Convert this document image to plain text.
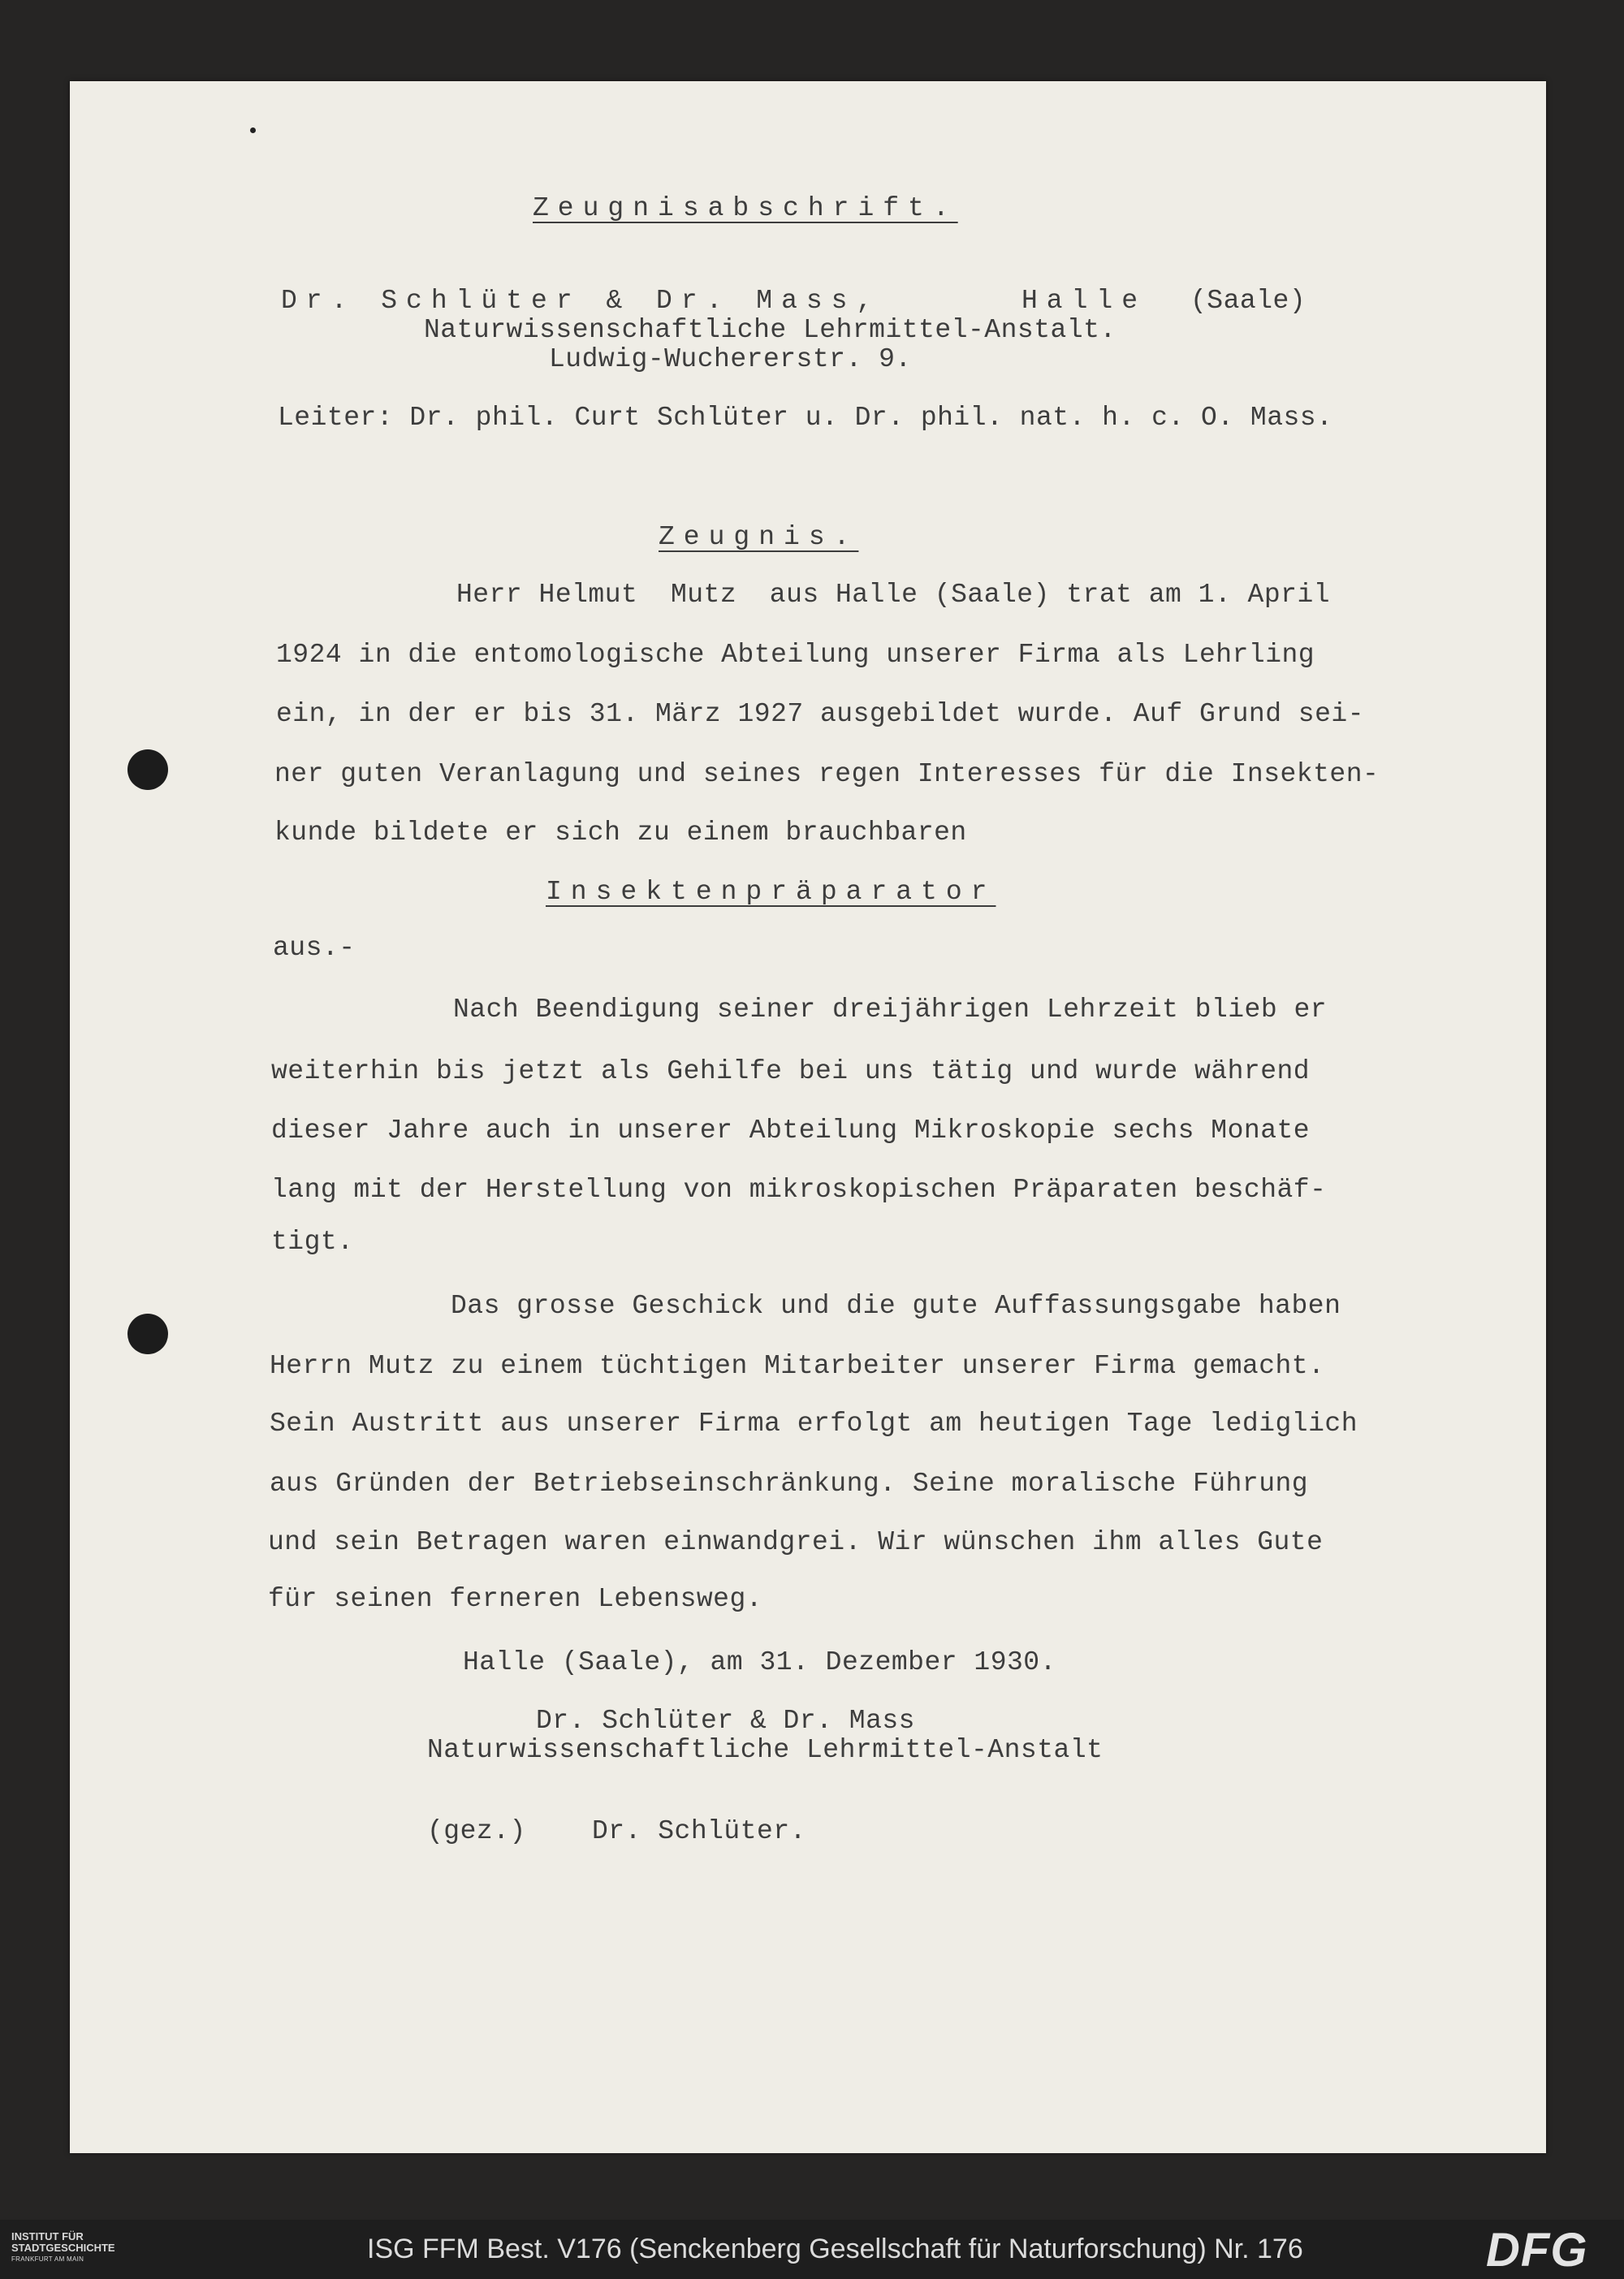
Zeugnisabschrift.
Dr. Schlüter & Dr. Mass,	Halle (Saale)
Naturwissenschaftliche Lehrmittel-Anstalt.
Ludwig-Wuchererstr. 9.
Leiter: Dr. phil. Curt Schlüter u. Dr. phil. nat. h. c. O. Mass.
Zeugnis.
Herr Helmut  Mutz  aus Halle (Saale) trat am 1. April
1924 in die entomologische Abteilung unserer Firma als Lehrling
ein, in der er bis 31. März 1927 ausgebildet wurde. Auf Grund sei-
ner guten Veranlagung und seines regen Interesses für die Insekten-
kunde bildete er sich zu einem brauchbaren
Insektenpräparator
aus.-
Nach Beendigung seiner dreijährigen Lehrzeit blieb er
weiterhin bis jetzt als Gehilfe bei uns tätig und wurde während
dieser Jahre auch in unserer Abteilung Mikroskopie sechs Monate
lang mit der Herstellung von mikroskopischen Präparaten beschäf-
tigt.
Das grosse Geschick und die gute Auffassungsgabe haben
Herrn Mutz zu einem tüchtigen Mitarbeiter unserer Firma gemacht.
Sein Austritt aus unserer Firma erfolgt am heutigen Tage lediglich
aus Gründen der Betriebseinschränkung. Seine moralische Führung
und sein Betragen waren einwandgrei. Wir wünschen ihm alles Gute
für seinen ferneren Lebensweg.
Halle (Saale), am 31. Dezember 1930.
Dr. Schlüter & Dr. Mass
Naturwissenschaftliche Lehrmittel-Anstalt
(gez.) Dr. Schlüter.
INSTITUT FÜR
STADTGESCHICHTE
FRANKFURT AM MAIN	ISG FFM Best. V176 (Senckenberg Gesellschaft für Naturforschung) Nr. 176	DFG
